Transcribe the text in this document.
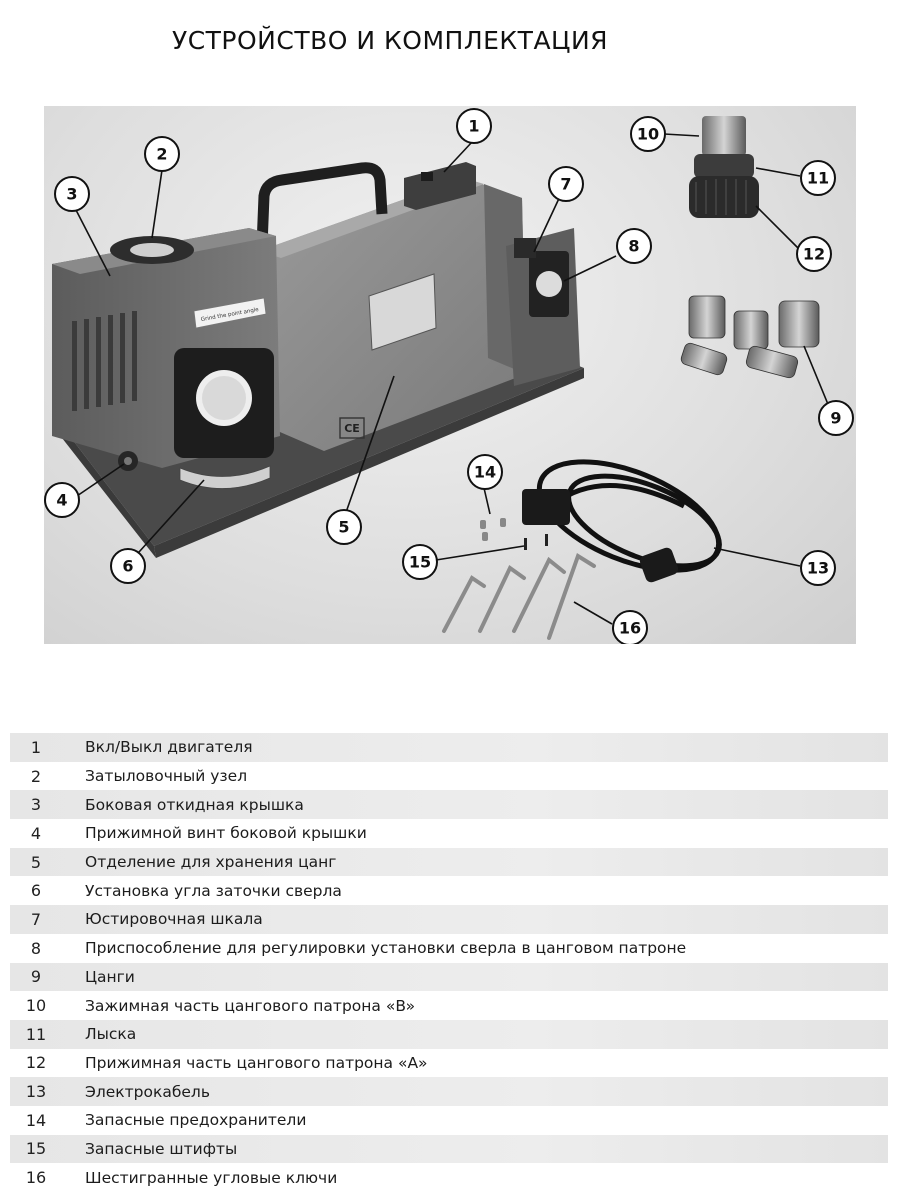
УСТРОЙСТВО И КОМПЛЕКТАЦИЯ
CE
Grind the point angle
1
2
3
4
5
6
7
8
9
10
11
12
13
14
15
16
1	Вкл/Выкл двигателя
2	Затыловочный узел
3	Боковая откидная крышка
4	Прижимной винт боковой крышки
5	Отделение для хранения цанг
6	Установка угла заточки сверла
7	Юстировочная шкала
8	Приспособление для регулировки установки сверла в цанговом патроне
9	Цанги
10	Зажимная часть цангового патрона «B»
11	Лыска
12	Прижимная часть цангового патрона «А»
13	Электрокабель
14	Запасные предохранители
15	Запасные штифты
16	Шестигранные угловые ключи
